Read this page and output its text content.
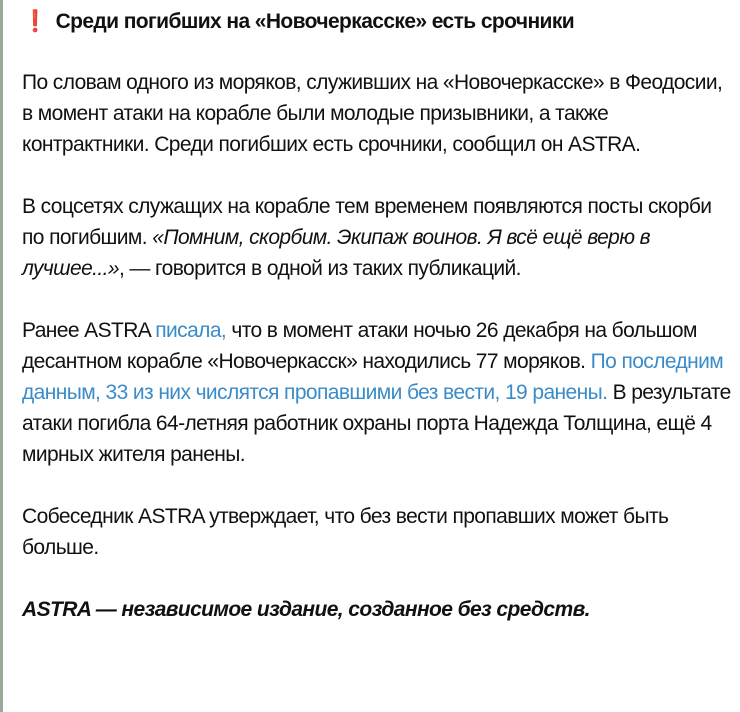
❗ Среди погибших на «Новочеркасске» есть срочники

По словам одного из моряков, служивших на «Новочеркасске» в Феодосии, в момент атаки на корабле были молодые призывники, а также контрактники. Среди погибших есть срочники, сообщил он ASTRA.

В соцсетях служащих на корабле тем временем появляются посты скорби по погибшим. «Помним, скорбим. Экипаж воинов. Я всё ещё верю в лучшее...», — говорится в одной из таких публикаций.

Ранее ASTRA писала, что в момент атаки ночью 26 декабря на большом десантном корабле «Новочеркасск» находились 77 моряков. По последним данным, 33 из них числятся пропавшими без вести, 19 ранены. В результате атаки погибла 64-летняя работник охраны порта Надежда Толщина, ещё 4 мирных жителя ранены.

Собеседник ASTRA утверждает, что без вести пропавших может быть больше.

ASTRA — независимое издание, созданное без средств.
